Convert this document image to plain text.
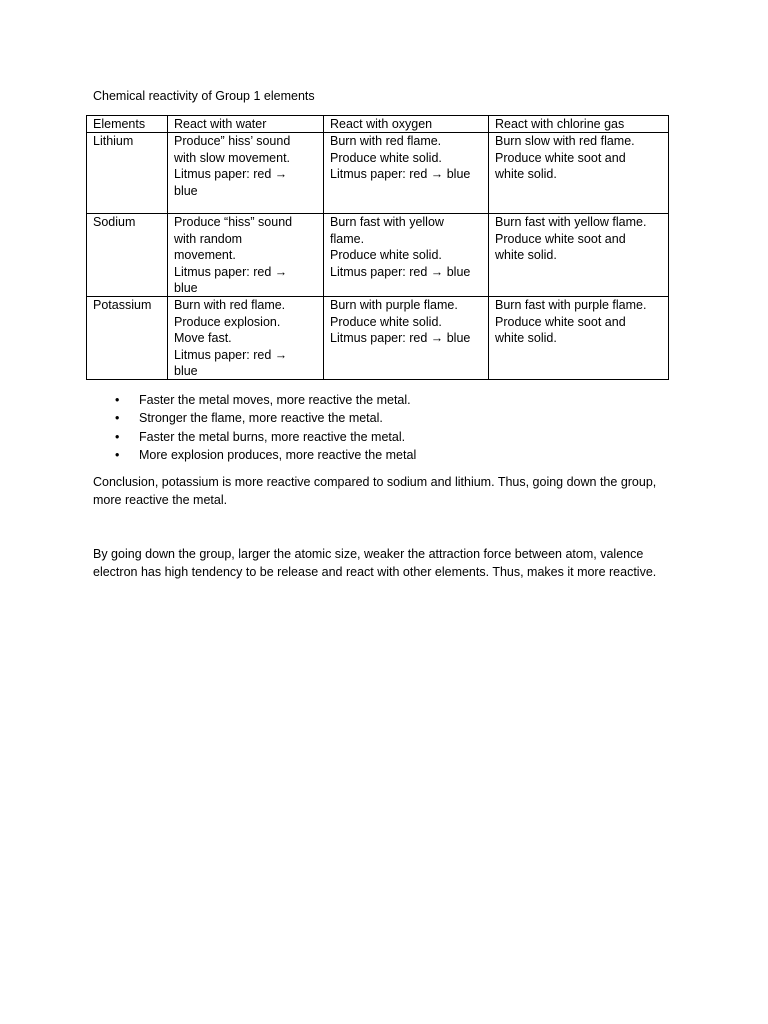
Chemical reactivity of Group 1 elements
Elements	React with water	React with oxygen	React with chlorine gas
Lithium	Produce” hiss’ sound
with slow movement.
Litmus paper: red →
blue	Burn with red flame.
Produce white solid.
Litmus paper: red → blue	Burn slow with red flame.
Produce white soot and
white solid.

Sodium	Produce “hiss” sound
with random
movement.
Litmus paper: red →
blue	Burn fast with yellow
flame.
Produce white solid.
Litmus paper: red → blue	Burn fast with yellow flame.
Produce white soot and
white solid.

Potassium	Burn with red flame.
Produce explosion.
Move fast.
Litmus paper: red →
blue	Burn with purple flame.
Produce white solid.
Litmus paper: red → blue	Burn fast with purple flame.
Produce white soot and
white solid.
• Faster the metal moves, more reactive the metal.
• Stronger the flame, more reactive the metal.
• Faster the metal burns, more reactive the metal.
• More explosion produces, more reactive the metal

Conclusion, potassium is more reactive compared to sodium and lithium. Thus, going down the group, more reactive the metal.

By going down the group, larger the atomic size, weaker the attraction force between atom, valence electron has high tendency to be release and react with other elements. Thus, makes it more reactive.
